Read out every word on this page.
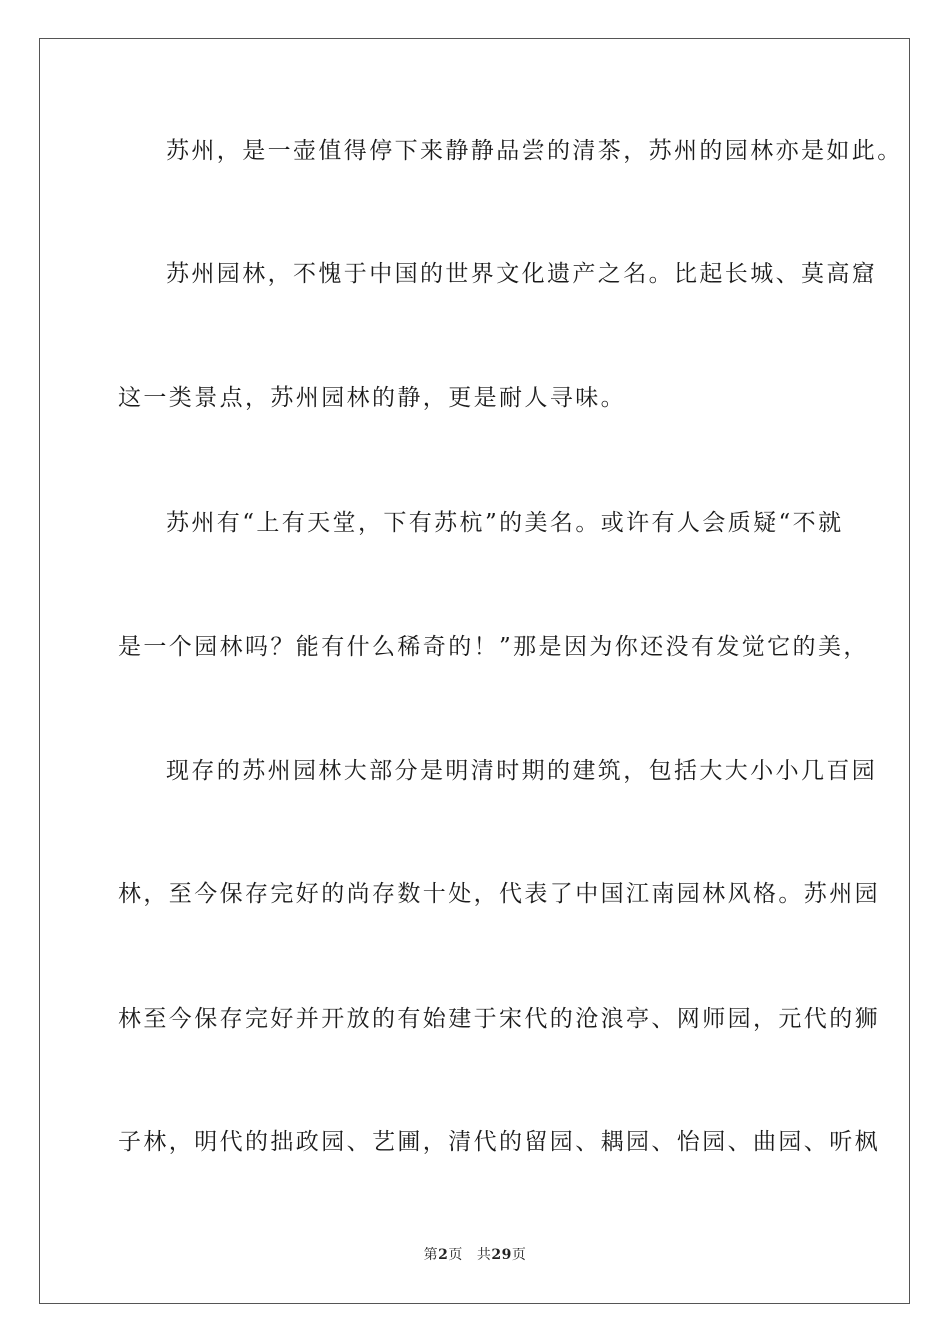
苏州，是一壶值得停下来静静品尝的清茶，苏州的园林亦是如此。
苏州园林，不愧于中国的世界文化遗产之名。比起长城、莫高窟
这一类景点，苏州园林的静，更是耐人寻味。
苏州有“上有天堂，下有苏杭”的美名。或许有人会质疑“不就
是一个园林吗？能有什么稀奇的！”那是因为你还没有发觉它的美，
现存的苏州园林大部分是明清时期的建筑，包括大大小小几百园
林，至今保存完好的尚存数十处，代表了中国江南园林风格。苏州园
林至今保存完好并开放的有始建于宋代的沧浪亭、网师园，元代的狮
子林，明代的拙政园、艺圃，清代的留园、耦园、怡园、曲园、听枫
第2页 共29页
